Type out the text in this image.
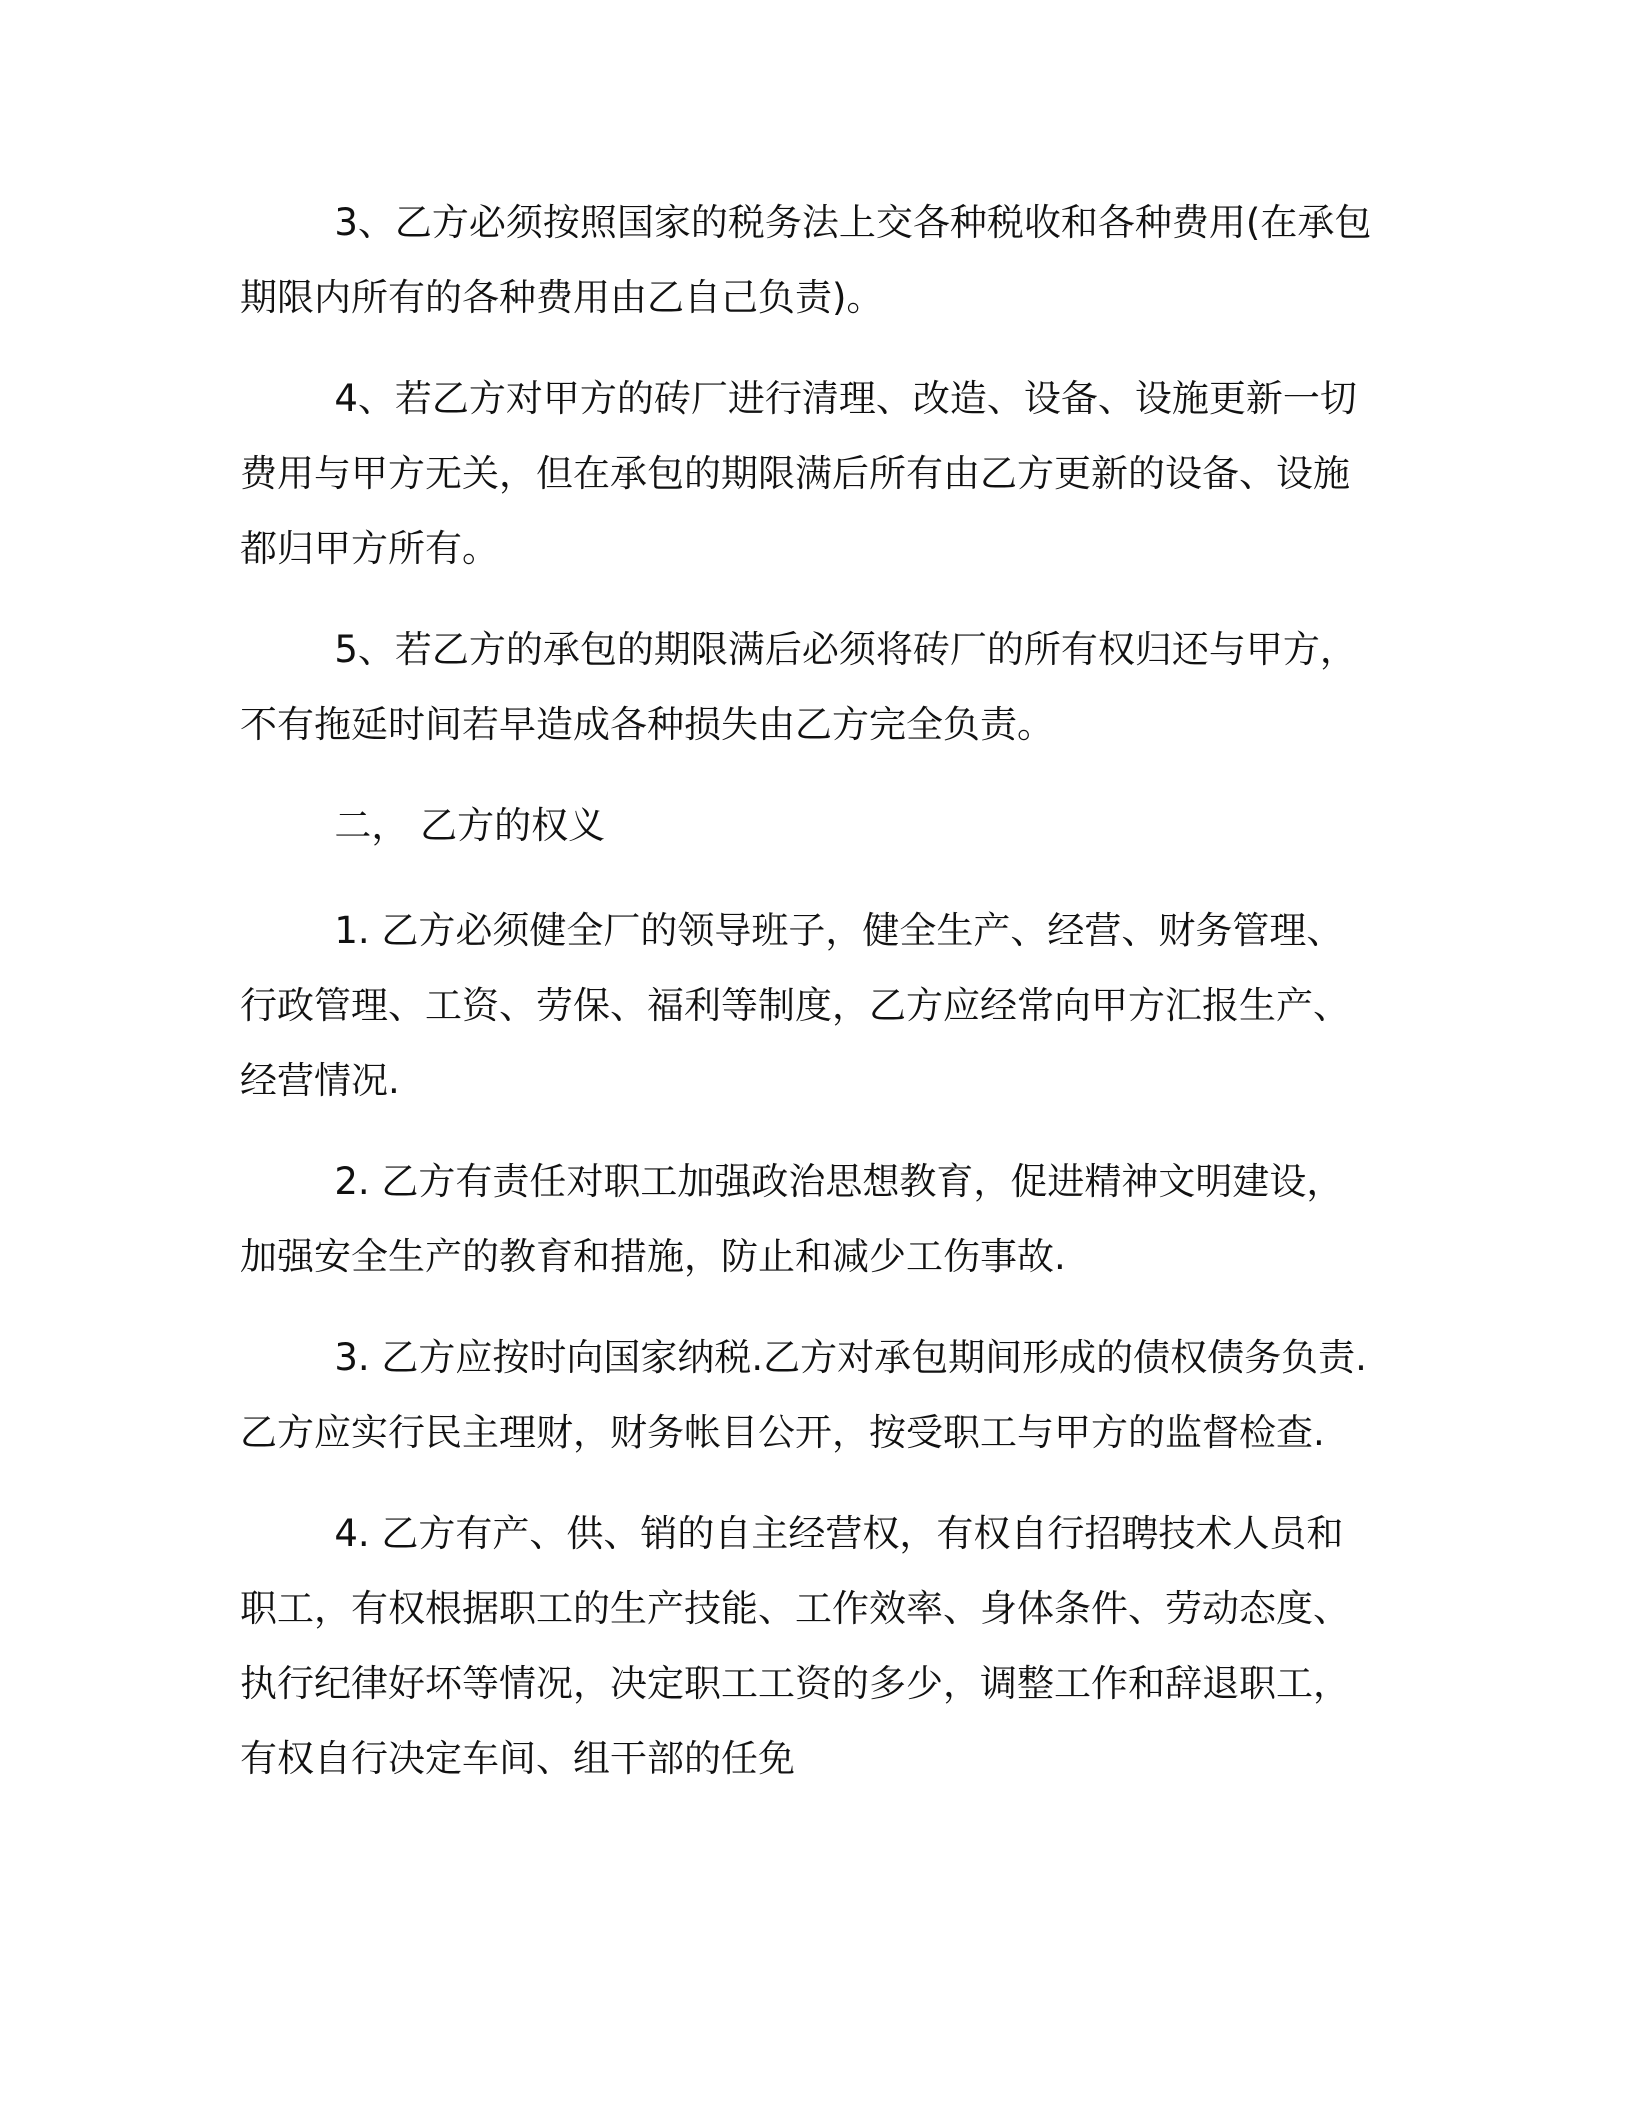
3、乙方必须按照国家的税务法上交各种税收和各种费用(在承包期限内所有的各种费用由乙自己负责)。

4、若乙方对甲方的砖厂进行清理、改造、设备、设施更新一切费用与甲方无关，但在承包的期限满后所有由乙方更新的设备、设施都归甲方所有。

5、若乙方的承包的期限满后必须将砖厂的所有权归还与甲方，不有拖延时间若早造成各种损失由乙方完全负责。

二， 乙方的权义

1. 乙方必须健全厂的领导班子，健全生产、经营、财务管理、行政管理、工资、劳保、福利等制度，乙方应经常向甲方汇报生产、经营情况.

2. 乙方有责任对职工加强政治思想教育，促进精神文明建设，加强安全生产的教育和措施，防止和减少工伤事故.

3. 乙方应按时向国家纳税.乙方对承包期间形成的债权债务负责.乙方应实行民主理财，财务帐目公开，按受职工与甲方的监督检查.

4. 乙方有产、供、销的自主经营权，有权自行招聘技术人员和职工，有权根据职工的生产技能、工作效率、身体条件、劳动态度、执行纪律好坏等情况，决定职工工资的多少，调整工作和辞退职工，有权自行决定车间、组干部的任免
